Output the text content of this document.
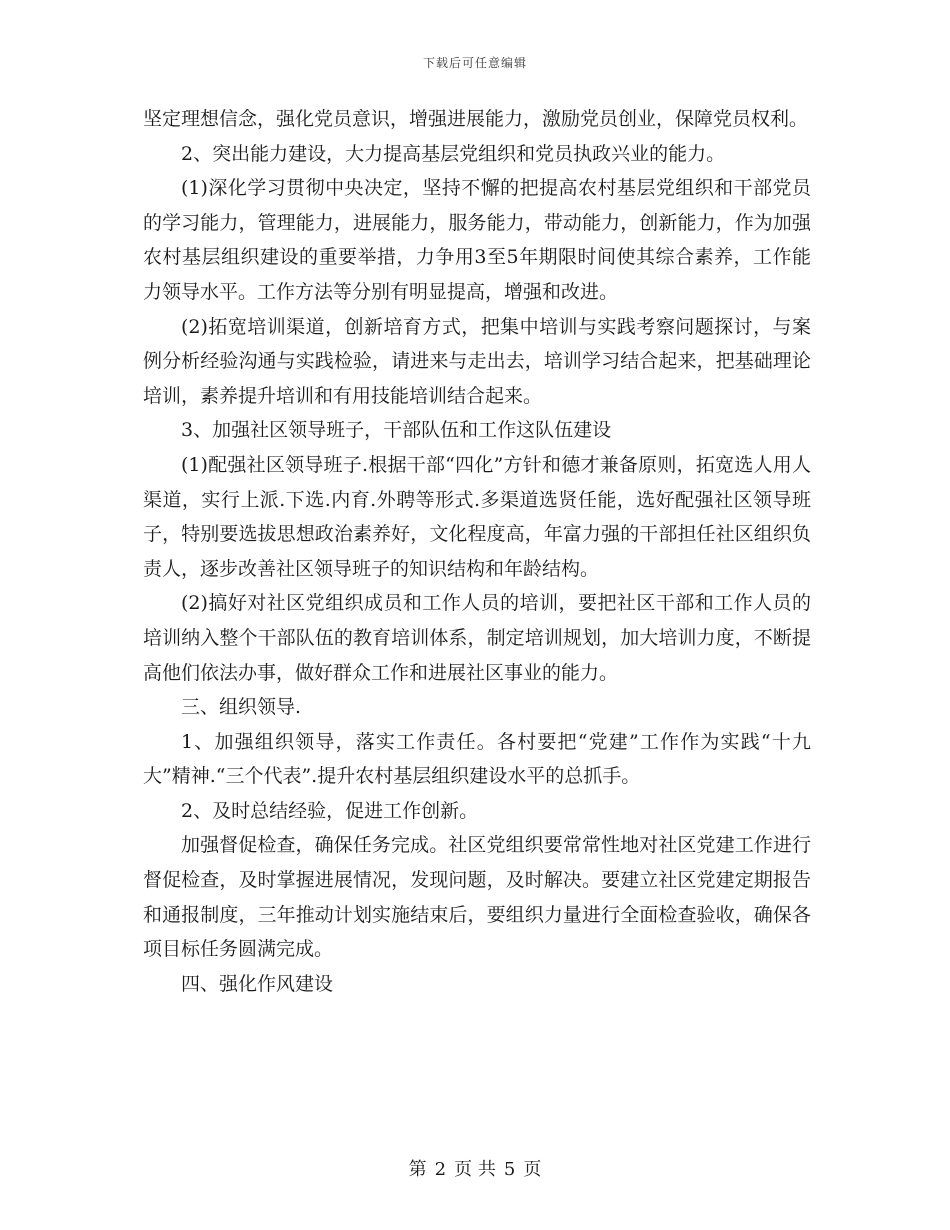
下载后可任意编辑

坚定理想信念，强化党员意识，增强进展能力，激励党员创业，保障党员权利。

2、突出能力建设，大力提高基层党组织和党员执政兴业的能力。

(1)深化学习贯彻中央决定，坚持不懈的把提高农村基层党组织和干部党员的学习能力，管理能力，进展能力，服务能力，带动能力，创新能力，作为加强农村基层组织建设的重要举措，力争用3至5年期限时间使其综合素养，工作能力领导水平。工作方法等分别有明显提高，增强和改进。

(2)拓宽培训渠道，创新培育方式，把集中培训与实践考察问题探讨，与案例分析经验沟通与实践检验，请进来与走出去，培训学习结合起来，把基础理论培训，素养提升培训和有用技能培训结合起来。

3、加强社区领导班子，干部队伍和工作这队伍建设

(1)配强社区领导班子.根据干部“四化”方针和德才兼备原则，拓宽选人用人渠道，实行上派.下选.内育.外聘等形式.多渠道选贤任能，选好配强社区领导班子，特别要选拔思想政治素养好，文化程度高，年富力强的干部担任社区组织负责人，逐步改善社区领导班子的知识结构和年龄结构。

(2)搞好对社区党组织成员和工作人员的培训，要把社区干部和工作人员的培训纳入整个干部队伍的教育培训体系，制定培训规划，加大培训力度，不断提高他们依法办事，做好群众工作和进展社区事业的能力。

三、组织领导.

1、加强组织领导，落实工作责任。各村要把“党建”工作作为实践“十九大”精神.“三个代表”.提升农村基层组织建设水平的总抓手。

2、及时总结经验，促进工作创新。

加强督促检查，确保任务完成。社区党组织要常常性地对社区党建工作进行督促检查，及时掌握进展情况，发现问题，及时解决。要建立社区党建定期报告和通报制度，三年推动计划实施结束后，要组织力量进行全面检查验收，确保各项目标任务圆满完成。

四、强化作风建设

第 2 页 共 5 页
